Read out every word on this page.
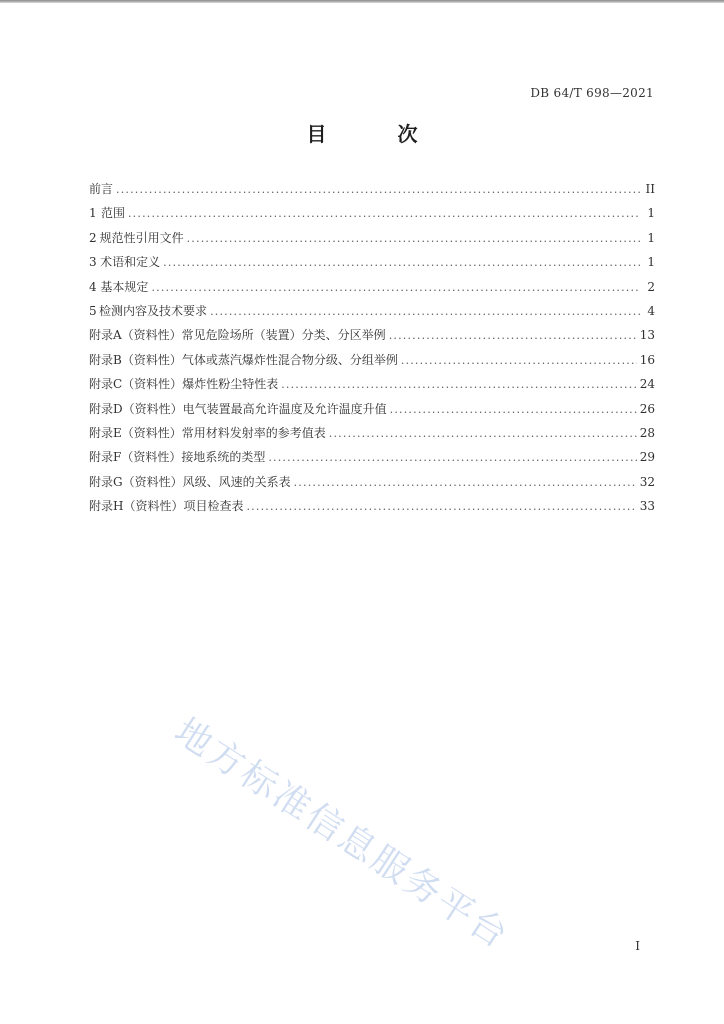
DB 64/T 698—2021
目 次
前言 .....	II
1 范围 .....	1
2 规范性引用文件 .....	1
3 术语和定义 .....	1
4 基本规定 .....	2
5 检测内容及技术要求 .....	4
附录A（资料性） 常见危险场所（装置）分类、分区举例 .....	13
附录B（资料性） 气体或蒸汽爆炸性混合物分级、分组举例 .....	16
附录C（资料性） 爆炸性粉尘特性表 .....	24
附录D（资料性） 电气装置最高允许温度及允许温度升值 .....	26
附录E（资料性） 常用材料发射率的参考值表 .....	28
附录F（资料性） 接地系统的类型 .....	29
附录G（资料性） 风级、风速的关系表 .....	32
附录H（资料性） 项目检查表 .....	33
地方标准信息服务平台	I
